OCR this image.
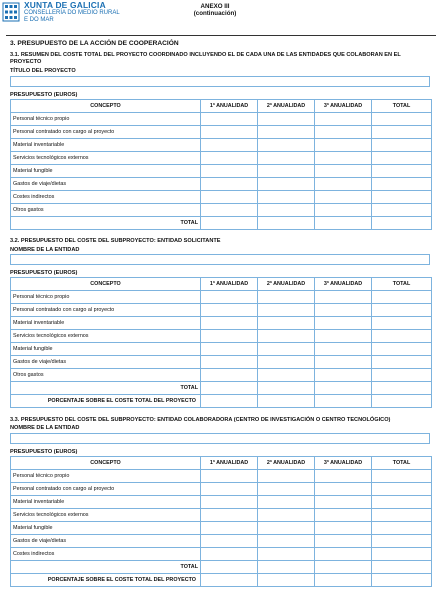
XUNTA DE GALICIA
CONSELLERÍA DO MEDIO RURAL
E DO MAR
ANEXO III
(continuación)
3. PRESUPUESTO DE LA ACCIÓN DE COOPERACIÓN
3.1. RESUMEN DEL COSTE TOTAL DEL PROYECTO COORDINADO INCLUYENDO EL DE CADA UNA DE LAS ENTIDADES QUE COLABORAN EN EL PROYECTO
TÍTULO DEL PROYECTO
PRESUPUESTO (EUROS)
CONCEPTO	1ª ANUALIDAD	2ª ANUALIDAD	3ª ANUALIDAD	TOTAL
Personal técnico propio				
Personal contratado con cargo al proyecto				
Material inventariable				
Servicios tecnológicos externos				
Material fungible				
Gastos de viaje/dietas				
Costes indirectos				
Otros gastos				
TOTAL				
3.2. PRESUPUESTO DEL COSTE DEL SUBPROYECTO: ENTIDAD SOLICITANTE
NOMBRE DE LA ENTIDAD
PRESUPUESTO (EUROS)
CONCEPTO	1ª ANUALIDAD	2ª ANUALIDAD	3ª ANUALIDAD	TOTAL
Personal técnico propio				
Personal contratado con cargo al proyecto				
Material inventariable				
Servicios tecnológicos externos				
Material fungible				
Gastos de viaje/dietas				
Otros gastos				
TOTAL				
PORCENTAJE SOBRE EL COSTE TOTAL DEL PROYECTO				
3.3. PRESUPUESTO DEL COSTE DEL SUBPROYECTO: ENTIDAD COLABORADORA (CENTRO DE INVESTIGACIÓN O CENTRO TECNOLÓGICO)
NOMBRE DE LA ENTIDAD
PRESUPUESTO (EUROS)
CONCEPTO	1ª ANUALIDAD	2ª ANUALIDAD	3ª ANUALIDAD	TOTAL
Personal técnico propio				
Personal contratado con cargo al proyecto				
Material inventariable				
Servicios tecnológicos externos				
Material fungible				
Gastos de viaje/dietas				
Costes indirectos				
TOTAL				
PORCENTAJE SOBRE EL COSTE TOTAL DEL PROYECTO				
